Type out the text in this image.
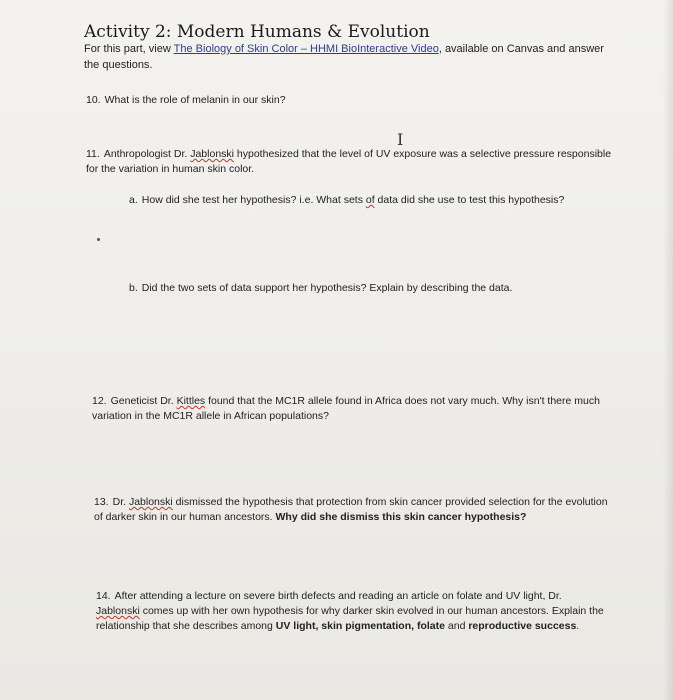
Activity 2: Modern Humans & Evolution
For this part, view The Biology of Skin Color – HHMI BioInteractive Video, available on Canvas and answer the questions.
10. What is the role of melanin in our skin?
I
11. Anthropologist Dr. Jablonski hypothesized that the level of UV exposure was a selective pressure responsible for the variation in human skin color.
a. How did she test her hypothesis? i.e. What sets of data did she use to test this hypothesis?
b. Did the two sets of data support her hypothesis? Explain by describing the data.
12. Geneticist Dr. Kittles found that the MC1R allele found in Africa does not vary much. Why isn't there much variation in the MC1R allele in African populations?
13. Dr. Jablonski dismissed the hypothesis that protection from skin cancer provided selection for the evolution of darker skin in our human ancestors. Why did she dismiss this skin cancer hypothesis?
14. After attending a lecture on severe birth defects and reading an article on folate and UV light, Dr. Jablonski comes up with her own hypothesis for why darker skin evolved in our human ancestors. Explain the relationship that she describes among UV light, skin pigmentation, folate and reproductive success.
